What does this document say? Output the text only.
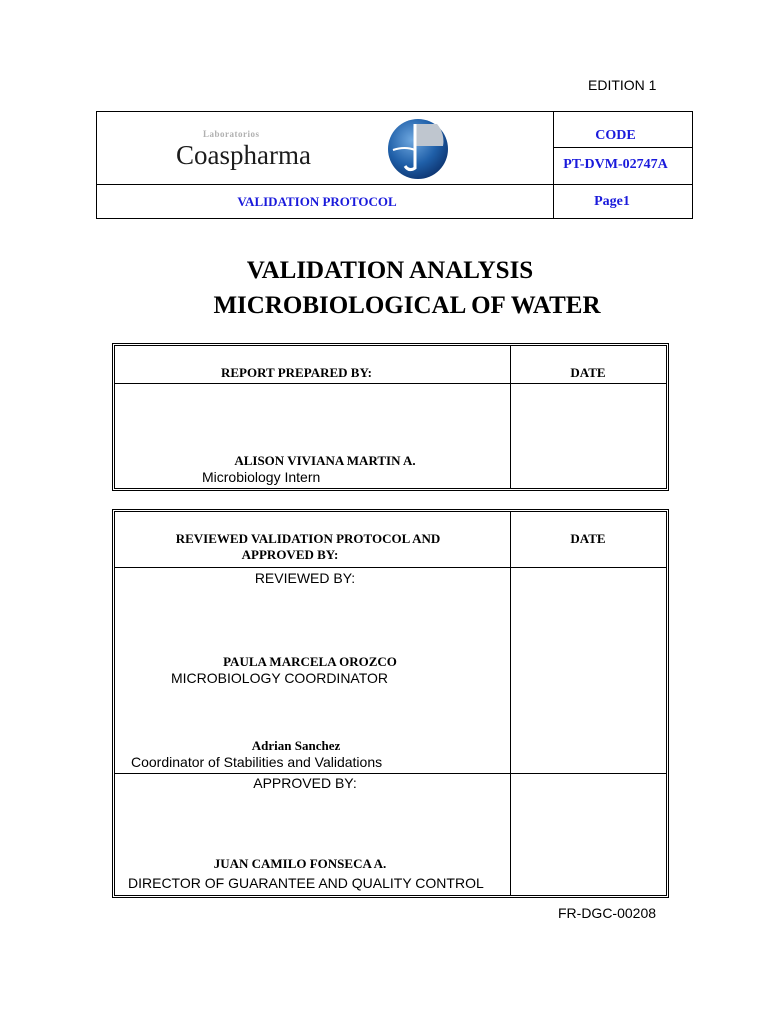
EDITION 1
Laboratorios
Coaspharma
CODE
PT-DVM-02747A
VALIDATION PROTOCOL	Page1
VALIDATION ANALYSIS
MICROBIOLOGICAL OF WATER
REPORT PREPARED BY:	DATE
ALISON VIVIANA MARTIN A.
Microbiology Intern
REVIEWED VALIDATION PROTOCOL AND
APPROVED BY:
DATE
REVIEWED BY:
PAULA MARCELA OROZCO
MICROBIOLOGY COORDINATOR
Adrian Sanchez
Coordinator of Stabilities and Validations
APPROVED BY:
JUAN CAMILO FONSECA A.
DIRECTOR OF GUARANTEE AND QUALITY CONTROL
FR-DGC-00208
